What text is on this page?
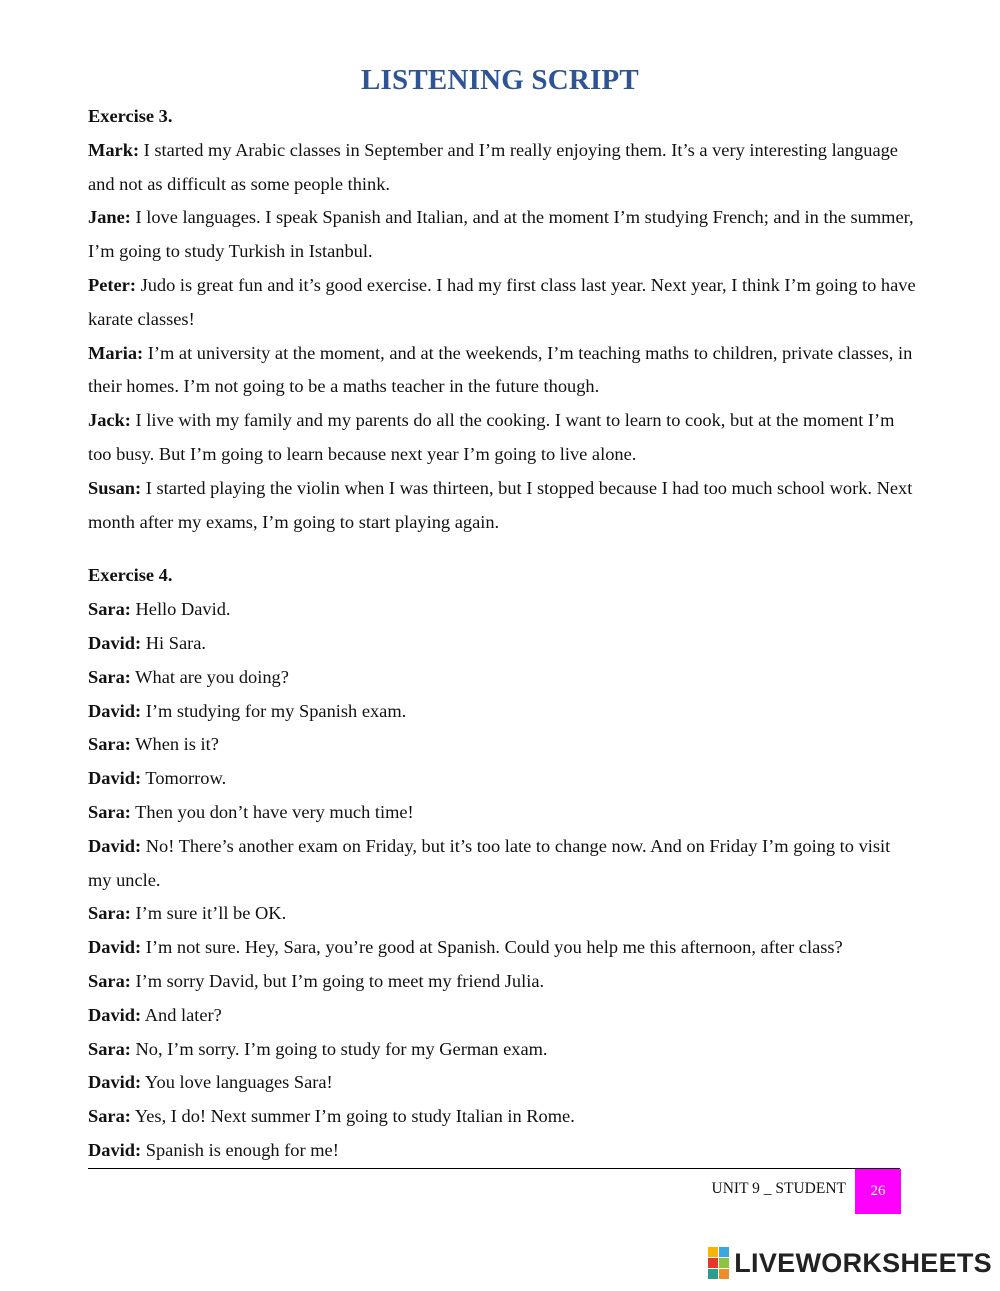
LISTENING SCRIPT
Exercise 3.
Mark: I started my Arabic classes in September and I’m really enjoying them. It’s a very interesting language and not as difficult as some people think.
Jane: I love languages. I speak Spanish and Italian, and at the moment I’m studying French; and in the summer, I’m going to study Turkish in Istanbul.
Peter: Judo is great fun and it’s good exercise. I had my first class last year. Next year, I think I’m going to have karate classes!
Maria: I’m at university at the moment, and at the weekends, I’m teaching maths to children, private classes, in their homes. I’m not going to be a maths teacher in the future though.
Jack: I live with my family and my parents do all the cooking. I want to learn to cook, but at the moment I’m too busy. But I’m going to learn because next year I’m going to live alone.
Susan: I started playing the violin when I was thirteen, but I stopped because I had too much school work. Next month after my exams, I’m going to start playing again.
Exercise 4.
Sara: Hello David.
David: Hi Sara.
Sara: What are you doing?
David: I’m studying for my Spanish exam.
Sara: When is it?
David: Tomorrow.
Sara: Then you don’t have very much time!
David: No! There’s another exam on Friday, but it’s too late to change now. And on Friday I’m going to visit my uncle.
Sara: I’m sure it’ll be OK.
David: I’m not sure. Hey, Sara, you’re good at Spanish. Could you help me this afternoon, after class?
Sara: I’m sorry David, but I’m going to meet my friend Julia.
David: And later?
Sara: No, I’m sorry. I’m going to study for my German exam.
David: You love languages Sara!
Sara: Yes, I do! Next summer I’m going to study Italian in Rome.
David: Spanish is enough for me!
UNIT 9 _ STUDENT	26
LIVEWORKSHEETS
